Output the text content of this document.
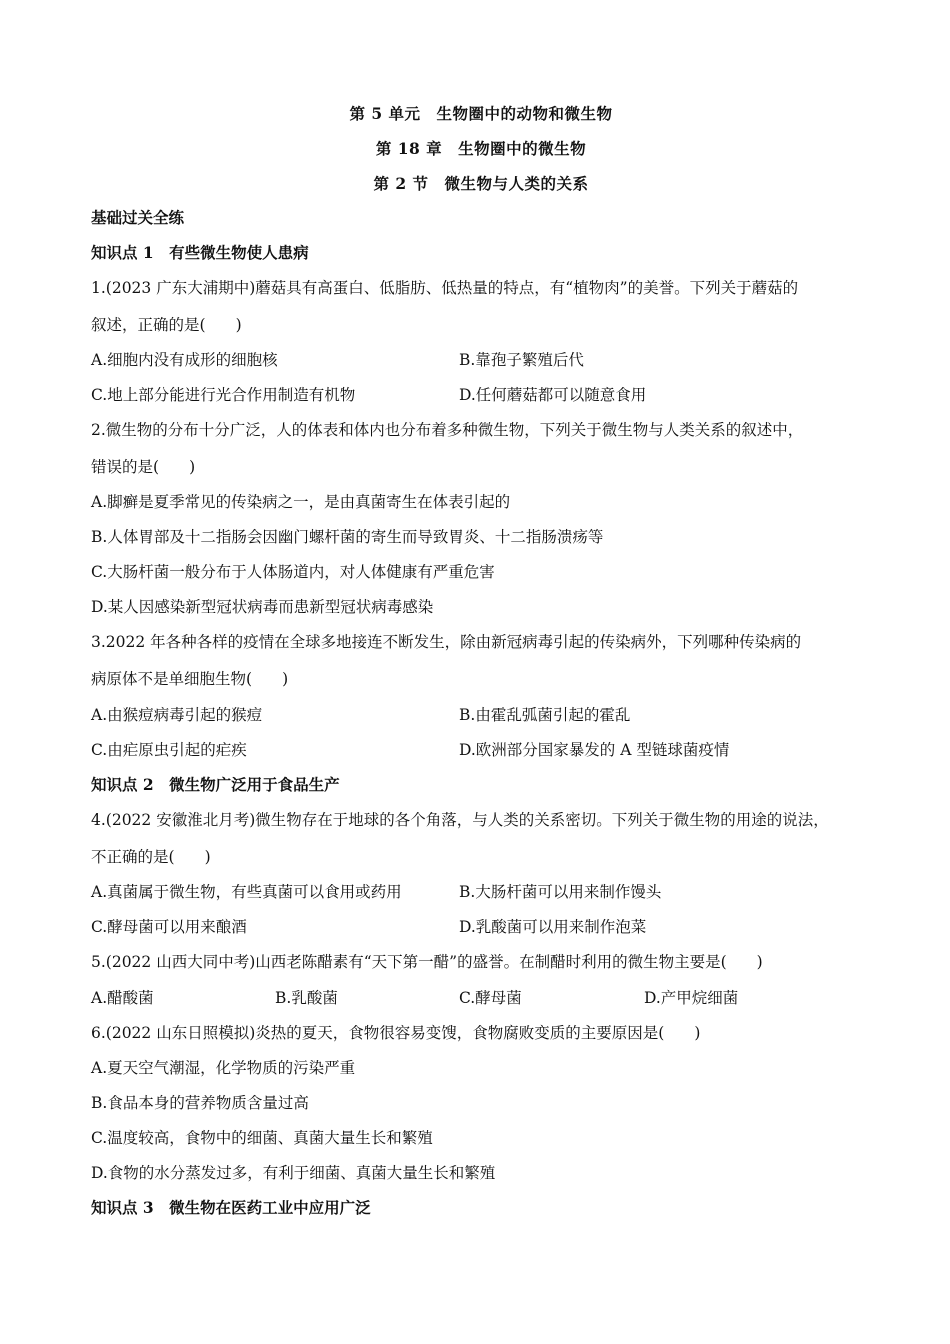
第 5 单元　生物圈中的动物和微生物
第 18 章　生物圈中的微生物
第 2 节　微生物与人类的关系
基础过关全练
知识点 1　有些微生物使人患病
1.(2023 广东大浦期中)蘑菇具有高蛋白、低脂肪、低热量的特点，有“植物肉”的美誉。下列关于蘑菇的
叙述，正确的是( )
A.细胞内没有成形的细胞核	B.靠孢子繁殖后代
C.地上部分能进行光合作用制造有机物	D.任何蘑菇都可以随意食用
2.微生物的分布十分广泛，人的体表和体内也分布着多种微生物，下列关于微生物与人类关系的叙述中，
错误的是( )
A.脚癣是夏季常见的传染病之一，是由真菌寄生在体表引起的
B.人体胃部及十二指肠会因幽门螺杆菌的寄生而导致胃炎、十二指肠溃疡等
C.大肠杆菌一般分布于人体肠道内，对人体健康有严重危害
D.某人因感染新型冠状病毒而患新型冠状病毒感染
3.2022 年各种各样的疫情在全球多地接连不断发生，除由新冠病毒引起的传染病外，下列哪种传染病的
病原体不是单细胞生物( )
A.由猴痘病毒引起的猴痘	B.由霍乱弧菌引起的霍乱
C.由疟原虫引起的疟疾	D.欧洲部分国家暴发的 A 型链球菌疫情
知识点 2　微生物广泛用于食品生产
4.(2022 安徽淮北月考)微生物存在于地球的各个角落，与人类的关系密切。下列关于微生物的用途的说法，
不正确的是( )
A.真菌属于微生物，有些真菌可以食用或药用	B.大肠杆菌可以用来制作馒头
C.酵母菌可以用来酿酒	D.乳酸菌可以用来制作泡菜
5.(2022 山西大同中考)山西老陈醋素有“天下第一醋”的盛誉。在制醋时利用的微生物主要是( )
A.醋酸菌	B.乳酸菌	C.酵母菌	D.产甲烷细菌
6.(2022 山东日照模拟)炎热的夏天，食物很容易变馊，食物腐败变质的主要原因是( )
A.夏天空气潮湿，化学物质的污染严重
B.食品本身的营养物质含量过高
C.温度较高，食物中的细菌、真菌大量生长和繁殖
D.食物的水分蒸发过多，有利于细菌、真菌大量生长和繁殖
知识点 3　微生物在医药工业中应用广泛
